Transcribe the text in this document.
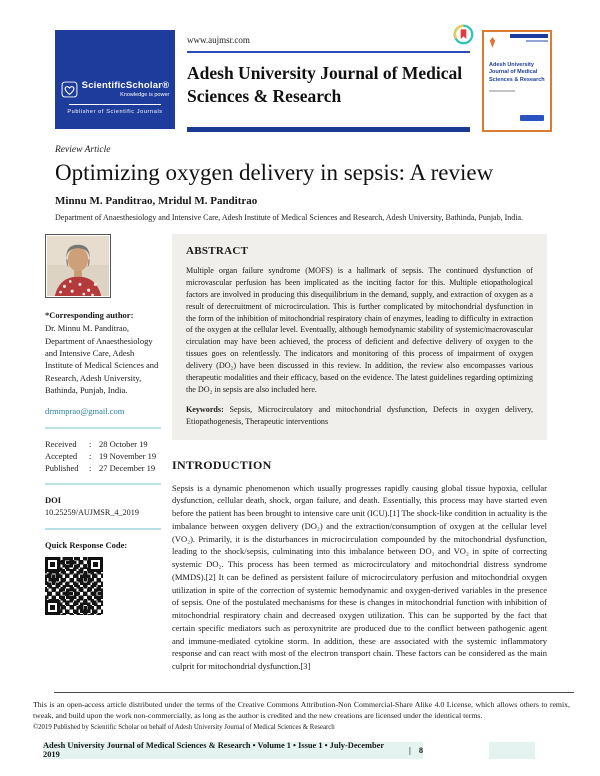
ScientificScholar®
Knowledge is power
Publisher of Scientific Journals
www.aujmsr.com
Adesh University Journal of Medical Sciences & Research
Adesh University Journal of Medical Sciences & Research
Review Article
Optimizing oxygen delivery in sepsis: A review
Minnu M. Panditrao, Mridul M. Panditrao
Department of Anaesthesiology and Intensive Care, Adesh Institute of Medical Sciences and Research, Adesh University, Bathinda, Punjab, India.
*Corresponding author:
Dr. Minnu M. Panditrao, Department of Anaesthesiology and Intensive Care, Adesh Institute of Medical Sciences and Research, Adesh University, Bathinda, Punjab, India.
drmmprao@gmail.com
Received	: 28 October 19
Accepted	: 19 November 19
Published	: 27 December 19
DOI
10.25259/AUJMSR_4_2019
Quick Response Code:
ABSTRACT

Multiple organ failure syndrome (MOFS) is a hallmark of sepsis. The continued dysfunction of microvascular perfusion has been implicated as the inciting factor for this. Multiple etiopathological factors are involved in producing this disequilibrium in the demand, supply, and extraction of oxygen as a result of derecruitment of microcirculation. This is further complicated by mitochondrial dysfunction in the form of the inhibition of mitochondrial respiratory chain of enzymes, leading to difficulty in extraction of the oxygen at the cellular level. Eventually, although hemodynamic stability of systemic/macrovascular circulation may have been achieved, the process of deficient and defective delivery of oxygen to the tissues goes on relentlessly. The indicators and monitoring of this process of impairment of oxygen delivery (DO₂) have been discussed in this review. In addition, the review also encompasses various therapeutic modalities and their efficacy, based on the evidence. The latest guidelines regarding optimizing the DO₂ in sepsis are also included here.

Keywords: Sepsis, Microcirculatory and mitochondrial dysfunction, Defects in oxygen delivery, Etiopathogenesis, Therapeutic interventions

INTRODUCTION

Sepsis is a dynamic phenomenon which usually progresses rapidly causing global tissue hypoxia, cellular dysfunction, cellular death, shock, organ failure, and death. Essentially, this process may have started even before the patient has been brought to intensive care unit (ICU).[1] The shock-like condition in actuality is the imbalance between oxygen delivery (DO₂) and the extraction/consumption of oxygen at the cellular level (VO₂). Primarily, it is the disturbances in microcirculation compounded by the mitochondrial dysfunction, leading to the shock/sepsis, culminating into this imbalance between DO₂ and VO₂ in spite of correcting systemic DO₂. This process has been termed as microcirculatory and mitochondrial distress syndrome (MMDS).[2] It can be defined as persistent failure of microcirculatory perfusion and mitochondrial oxygen utilization in spite of the correction of systemic hemodynamic and oxygen-derived variables in the presence of sepsis. One of the postulated mechanisms for these is changes in mitochondrial function with inhibition of mitochondrial respiratory chain and decreased oxygen utilization. This can be supported by the fact that certain specific mediators such as peroxynitrite are produced due to the conflict between pathogenic agent and immune-mediated cytokine storm. In addition, these are associated with the systemic inflammatory response and can react with most of the electron transport chain. These factors can be considered as the main culprit for mitochondrial dysfunction.[3]

This is an open-access article distributed under the terms of the Creative Commons Attribution-Non Commercial-Share Alike 4.0 License, which allows others to remix, tweak, and build upon the work non-commercially, as long as the author is credited and the new creations are licensed under the identical terms.

©2019 Published by Scientific Scholar on behalf of Adesh University Journal of Medical Sciences & Research

Adesh University Journal of Medical Sciences & Research • Volume 1 • Issue 1 • July-December 2019	| 8
